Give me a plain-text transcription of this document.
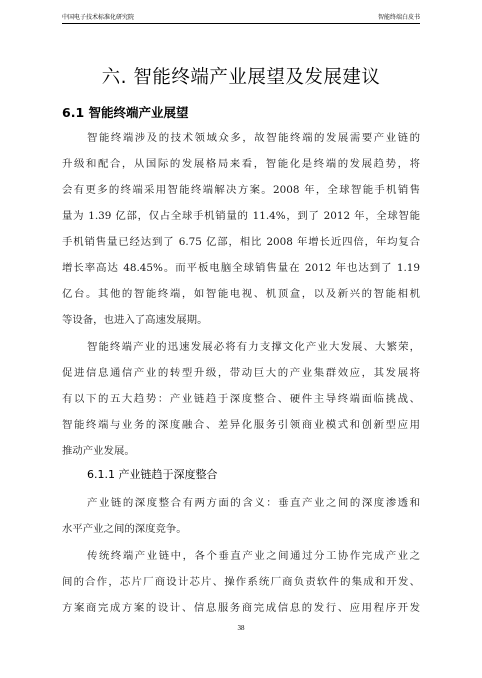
中国电子技术标准化研究院	智能终端白皮书
六. 智能终端产业展望及发展建议
6.1 智能终端产业展望
智能终端涉及的技术领域众多，故智能终端的发展需要产业链的
升级和配合，从国际的发展格局来看，智能化是终端的发展趋势，将
会有更多的终端采用智能终端解决方案。2008 年，全球智能手机销售
量为 1.39 亿部，仅占全球手机销量的 11.4%，到了 2012 年，全球智能
手机销售量已经达到了 6.75 亿部，相比 2008 年增长近四倍，年均复合
增长率高达 48.45%。而平板电脑全球销售量在 2012 年也达到了 1.19
亿台。其他的智能终端，如智能电视、机顶盒，以及新兴的智能相机
等设备，也进入了高速发展期。
智能终端产业的迅速发展必将有力支撑文化产业大发展、大繁荣，
促进信息通信产业的转型升级，带动巨大的产业集群效应，其发展将
有以下的五大趋势：产业链趋于深度整合、硬件主导终端面临挑战、
智能终端与业务的深度融合、差异化服务引领商业模式和创新型应用
推动产业发展。
6.1.1 产业链趋于深度整合
产业链的深度整合有两方面的含义：垂直产业之间的深度渗透和
水平产业之间的深度竞争。
传统终端产业链中，各个垂直产业之间通过分工协作完成产业之
间的合作，芯片厂商设计芯片、操作系统厂商负责软件的集成和开发、
方案商完成方案的设计、信息服务商完成信息的发行、应用程序开发
38
